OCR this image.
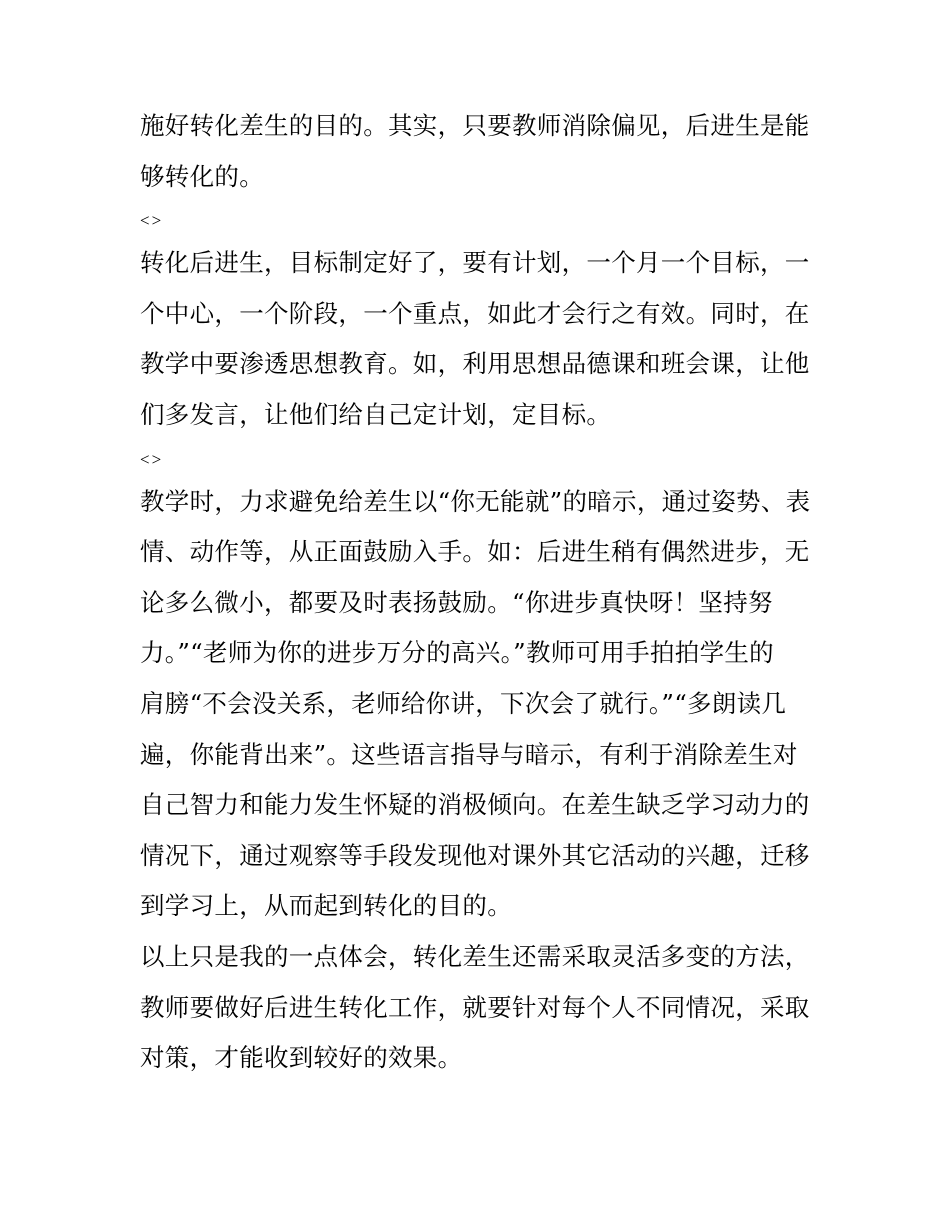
施好转化差生的目的。其实，只要教师消除偏见，后进生是能
够转化的。
<>
转化后进生，目标制定好了，要有计划，一个月一个目标，一
个中心，一个阶段，一个重点，如此才会行之有效。同时，在
教学中要渗透思想教育。如，利用思想品德课和班会课，让他
们多发言，让他们给自己定计划，定目标。
<>
教学时，力求避免给差生以“你无能就”的暗示，通过姿势、表
情、动作等，从正面鼓励入手。如：后进生稍有偶然进步，无
论多么微小，都要及时表扬鼓励。“你进步真快呀！坚持努
力。”“老师为你的进步万分的高兴。”教师可用手拍拍学生的
肩膀“不会没关系，老师给你讲，下次会了就行。”“多朗读几
遍，你能背出来”。这些语言指导与暗示，有利于消除差生对
自己智力和能力发生怀疑的消极倾向。在差生缺乏学习动力的
情况下，通过观察等手段发现他对课外其它活动的兴趣，迁移
到学习上，从而起到转化的目的。
以上只是我的一点体会，转化差生还需采取灵活多变的方法，
教师要做好后进生转化工作，就要针对每个人不同情况，采取
对策，才能收到较好的效果。
